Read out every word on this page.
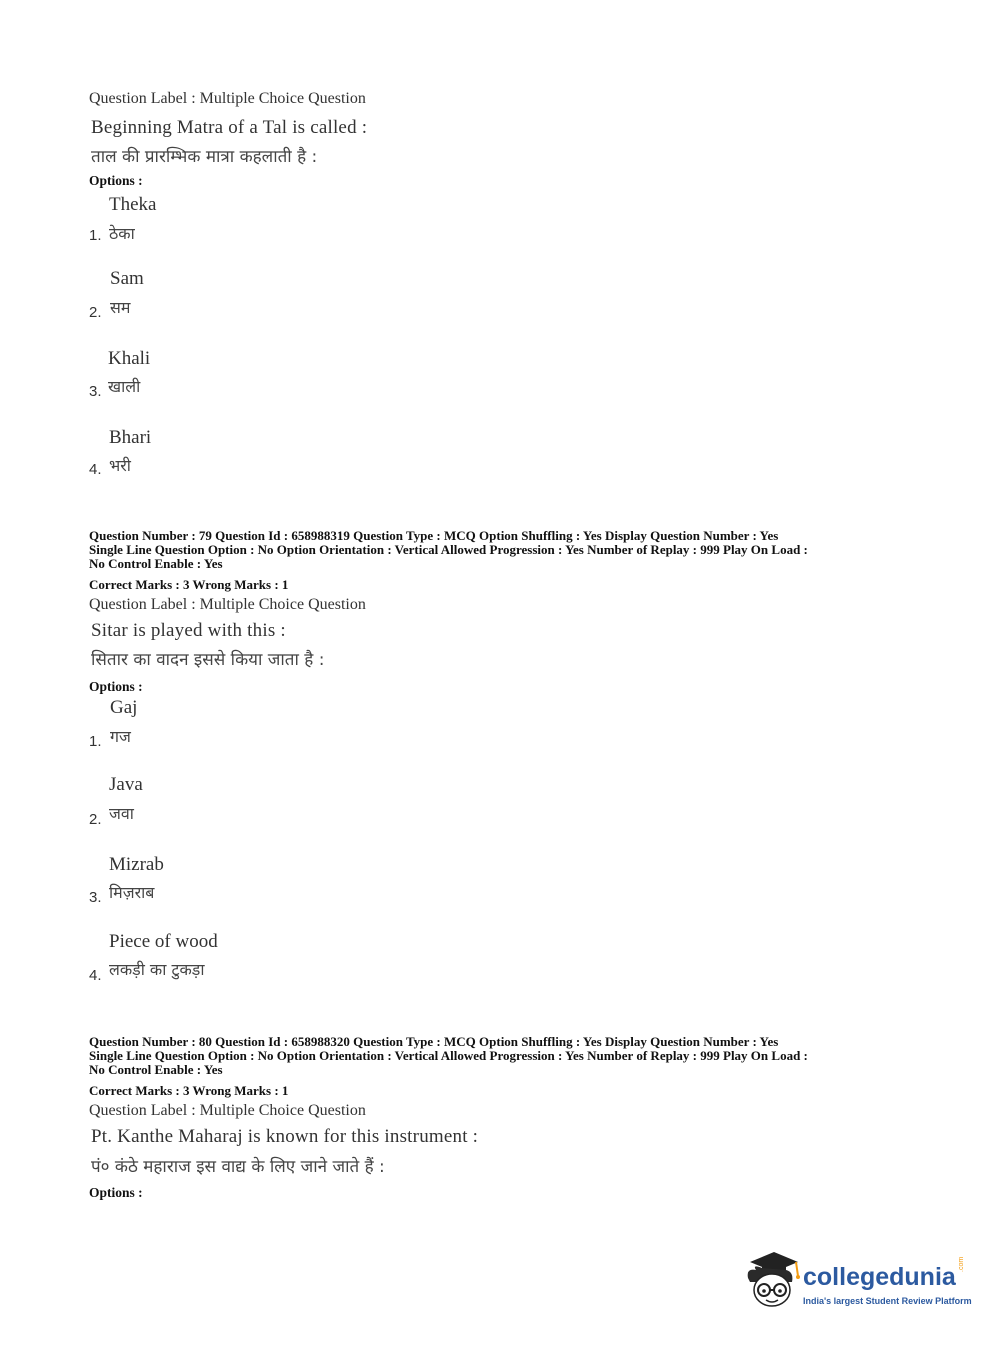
Question Label : Multiple Choice Question
Beginning Matra of a Tal is called :
ताल की प्रारम्भिक मात्रा कहलाती है :
Options :
Theka
1. ठेका
Sam
2. सम
Khali
3. खाली
Bhari
4. भरी
Question Number : 79 Question Id : 658988319 Question Type : MCQ Option Shuffling : Yes Display Question Number : Yes
Single Line Question Option : No Option Orientation : Vertical Allowed Progression : Yes Number of Replay : 999 Play On Load :
No Control Enable : Yes
Correct Marks : 3 Wrong Marks : 1
Question Label : Multiple Choice Question
Sitar is played with this :
सितार का वादन इससे किया जाता है :
Options :
Gaj
1. गज
Java
2. जवा
Mizrab
3. मिज़राब
Piece of wood
4. लकड़ी का टुकड़ा
Question Number : 80 Question Id : 658988320 Question Type : MCQ Option Shuffling : Yes Display Question Number : Yes
Single Line Question Option : No Option Orientation : Vertical Allowed Progression : Yes Number of Replay : 999 Play On Load :
No Control Enable : Yes
Correct Marks : 3 Wrong Marks : 1
Question Label : Multiple Choice Question
Pt. Kanthe Maharaj is known for this instrument :
पं० कंठे महाराज इस वाद्य के लिए जाने जाते हैं :
Options :
collegedunia .com
India's largest Student Review Platform
